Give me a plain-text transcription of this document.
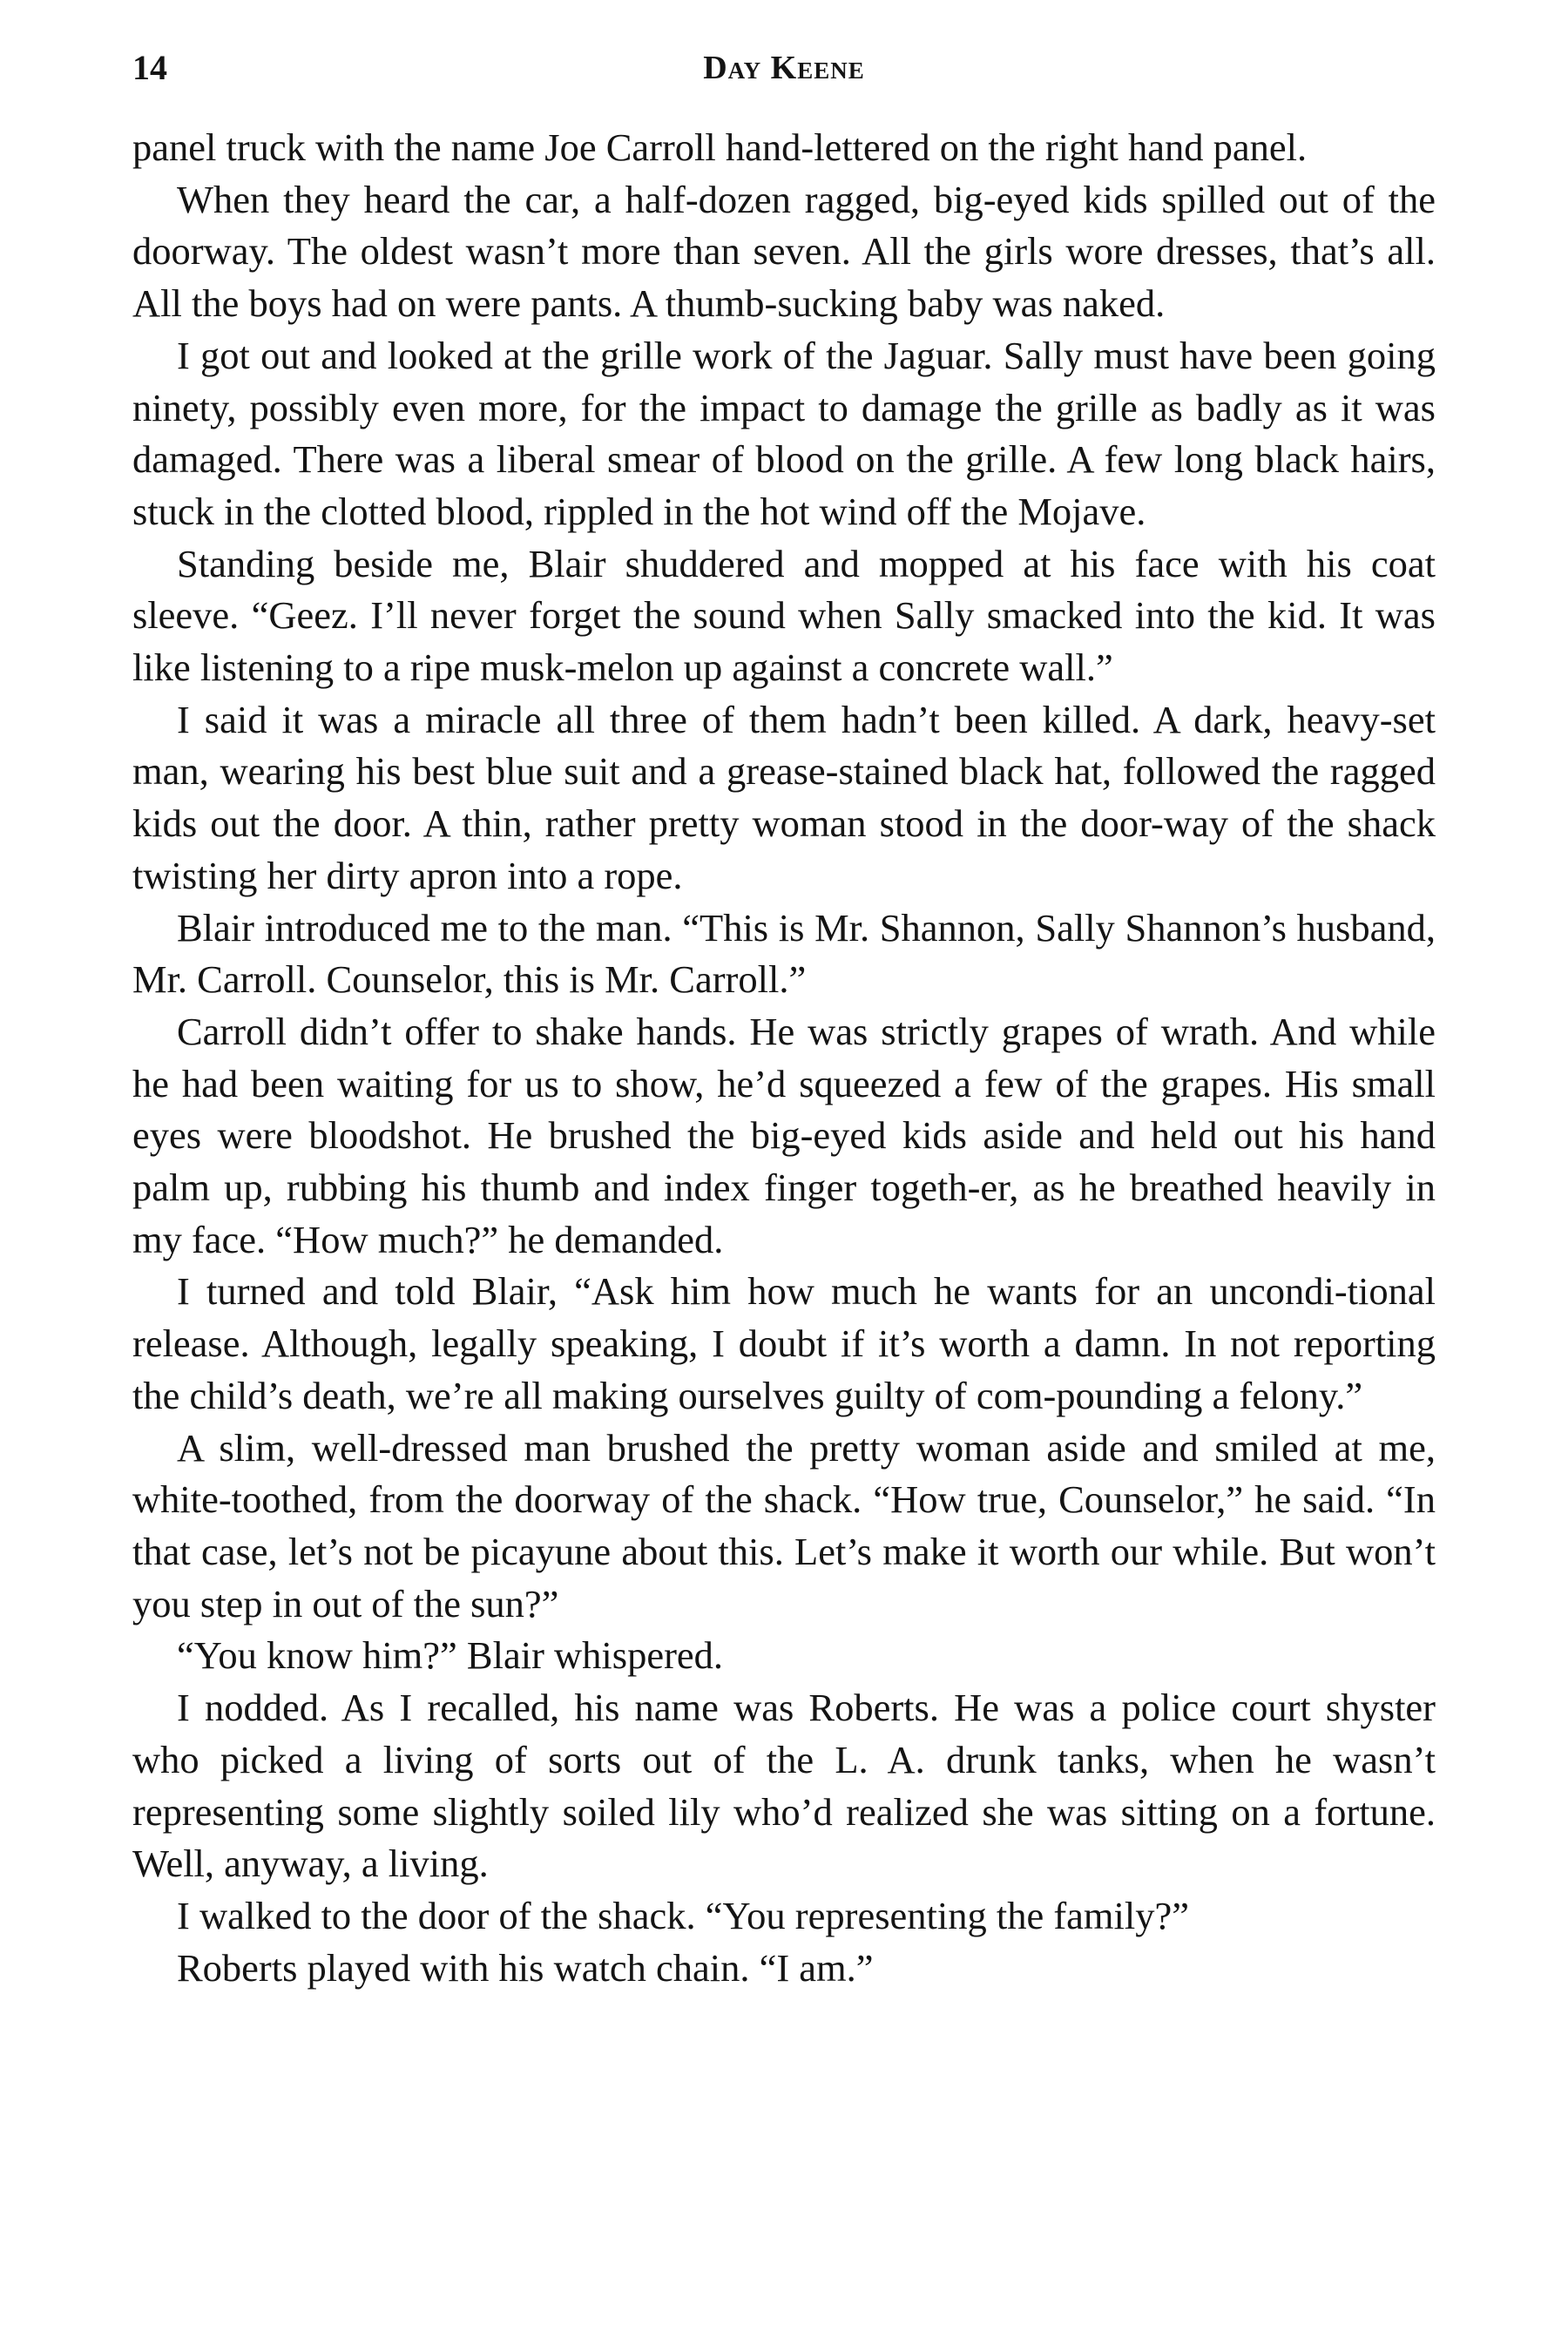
14	Day Keene

panel truck with the name Joe Carroll hand-lettered on the right hand panel.

When they heard the car, a half-dozen ragged, big-eyed kids spilled out of the doorway. The oldest wasn’t more than seven. All the girls wore dresses, that’s all. All the boys had on were pants. A thumb-sucking baby was naked.

I got out and looked at the grille work of the Jaguar. Sally must have been going ninety, possibly even more, for the impact to damage the grille as badly as it was damaged. There was a liberal smear of blood on the grille. A few long black hairs, stuck in the clotted blood, rippled in the hot wind off the Mojave.

Standing beside me, Blair shuddered and mopped at his face with his coat sleeve. “Geez. I’ll never forget the sound when Sally smacked into the kid. It was like listening to a ripe musk-melon up against a concrete wall.”

I said it was a miracle all three of them hadn’t been killed. A dark, heavy-set man, wearing his best blue suit and a grease-stained black hat, followed the ragged kids out the door. A thin, rather pretty woman stood in the door-way of the shack twisting her dirty apron into a rope.

Blair introduced me to the man. “This is Mr. Shannon, Sally Shannon’s husband, Mr. Carroll. Counselor, this is Mr. Carroll.”

Carroll didn’t offer to shake hands. He was strictly grapes of wrath. And while he had been waiting for us to show, he’d squeezed a few of the grapes. His small eyes were bloodshot. He brushed the big-eyed kids aside and held out his hand palm up, rubbing his thumb and index finger togeth-er, as he breathed heavily in my face. “How much?” he demanded.

I turned and told Blair, “Ask him how much he wants for an uncondi-tional release. Although, legally speaking, I doubt if it’s worth a damn. In not reporting the child’s death, we’re all making ourselves guilty of com-pounding a felony.”

A slim, well-dressed man brushed the pretty woman aside and smiled at me, white-toothed, from the doorway of the shack. “How true, Counselor,” he said. “In that case, let’s not be picayune about this. Let’s make it worth our while. But won’t you step in out of the sun?”

“You know him?” Blair whispered.

I nodded. As I recalled, his name was Roberts. He was a police court shyster who picked a living of sorts out of the L. A. drunk tanks, when he wasn’t representing some slightly soiled lily who’d realized she was sitting on a fortune. Well, anyway, a living.

I walked to the door of the shack. “You representing the family?”

Roberts played with his watch chain. “I am.”
